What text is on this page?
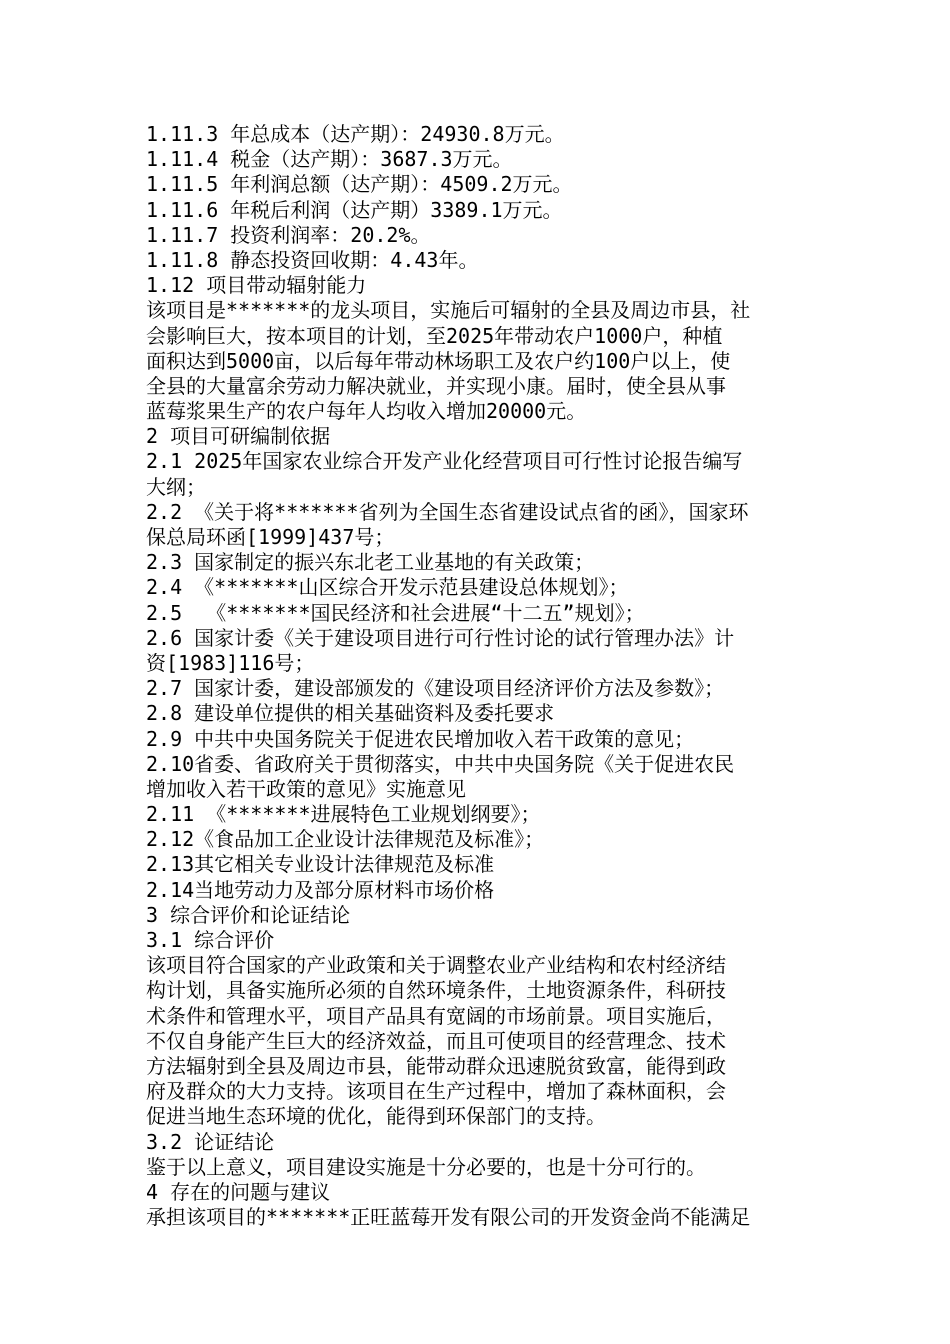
1.11.3 年总成本（达产期）：24930.8万元。

1.11.4 税金（达产期）：3687.3万元。

1.11.5 年利润总额（达产期）：4509.2万元。

1.11.6 年税后利润（达产期）3389.1万元。

1.11.7 投资利润率：20.2%。

1.11.8 静态投资回收期：4.43年。

1.12 项目带动辐射能力

该项目是*******的龙头项目，实施后可辐射的全县及周边市县，社

会影响巨大，按本项目的计划，至2025年带动农户1000户，种植

面积达到5000亩，以后每年带动林场职工及农户约100户以上，使

全县的大量富余劳动力解决就业，并实现小康。届时，使全县从事

蓝莓浆果生产的农户每年人均收入增加20000元。

2 项目可研编制依据

2.1 2025年国家农业综合开发产业化经营项目可行性讨论报告编写

大纲；

2.2 《关于将*******省列为全国生态省建设试点省的函》，国家环

保总局环函[1999]437号；

2.3 国家制定的振兴东北老工业基地的有关政策；

2.4 《*******山区综合开发示范县建设总体规划》；

2.5  《*******国民经济和社会进展“十二五”规划》；

2.6 国家计委《关于建设项目进行可行性讨论的试行管理办法》计

资[1983]116号；

2.7 国家计委，建设部颁发的《建设项目经济评价方法及参数》；

2.8 建设单位提供的相关基础资料及委托要求

2.9 中共中央国务院关于促进农民增加收入若干政策的意见；

2.10省委、省政府关于贯彻落实，中共中央国务院《关于促进农民

增加收入若干政策的意见》实施意见

2.11 《*******进展特色工业规划纲要》；

2.12《食品加工企业设计法律规范及标准》；

2.13其它相关专业设计法律规范及标准

2.14当地劳动力及部分原材料市场价格

3 综合评价和论证结论

3.1 综合评价

该项目符合国家的产业政策和关于调整农业产业结构和农村经济结

构计划，具备实施所必须的自然环境条件，土地资源条件，科研技

术条件和管理水平，项目产品具有宽阔的市场前景。项目实施后，

不仅自身能产生巨大的经济效益，而且可使项目的经营理念、技术

方法辐射到全县及周边市县，能带动群众迅速脱贫致富，能得到政

府及群众的大力支持。该项目在生产过程中，增加了森林面积，会

促进当地生态环境的优化，能得到环保部门的支持。

3.2 论证结论

鉴于以上意义，项目建设实施是十分必要的，也是十分可行的。

4 存在的问题与建议

承担该项目的*******正旺蓝莓开发有限公司的开发资金尚不能满足
